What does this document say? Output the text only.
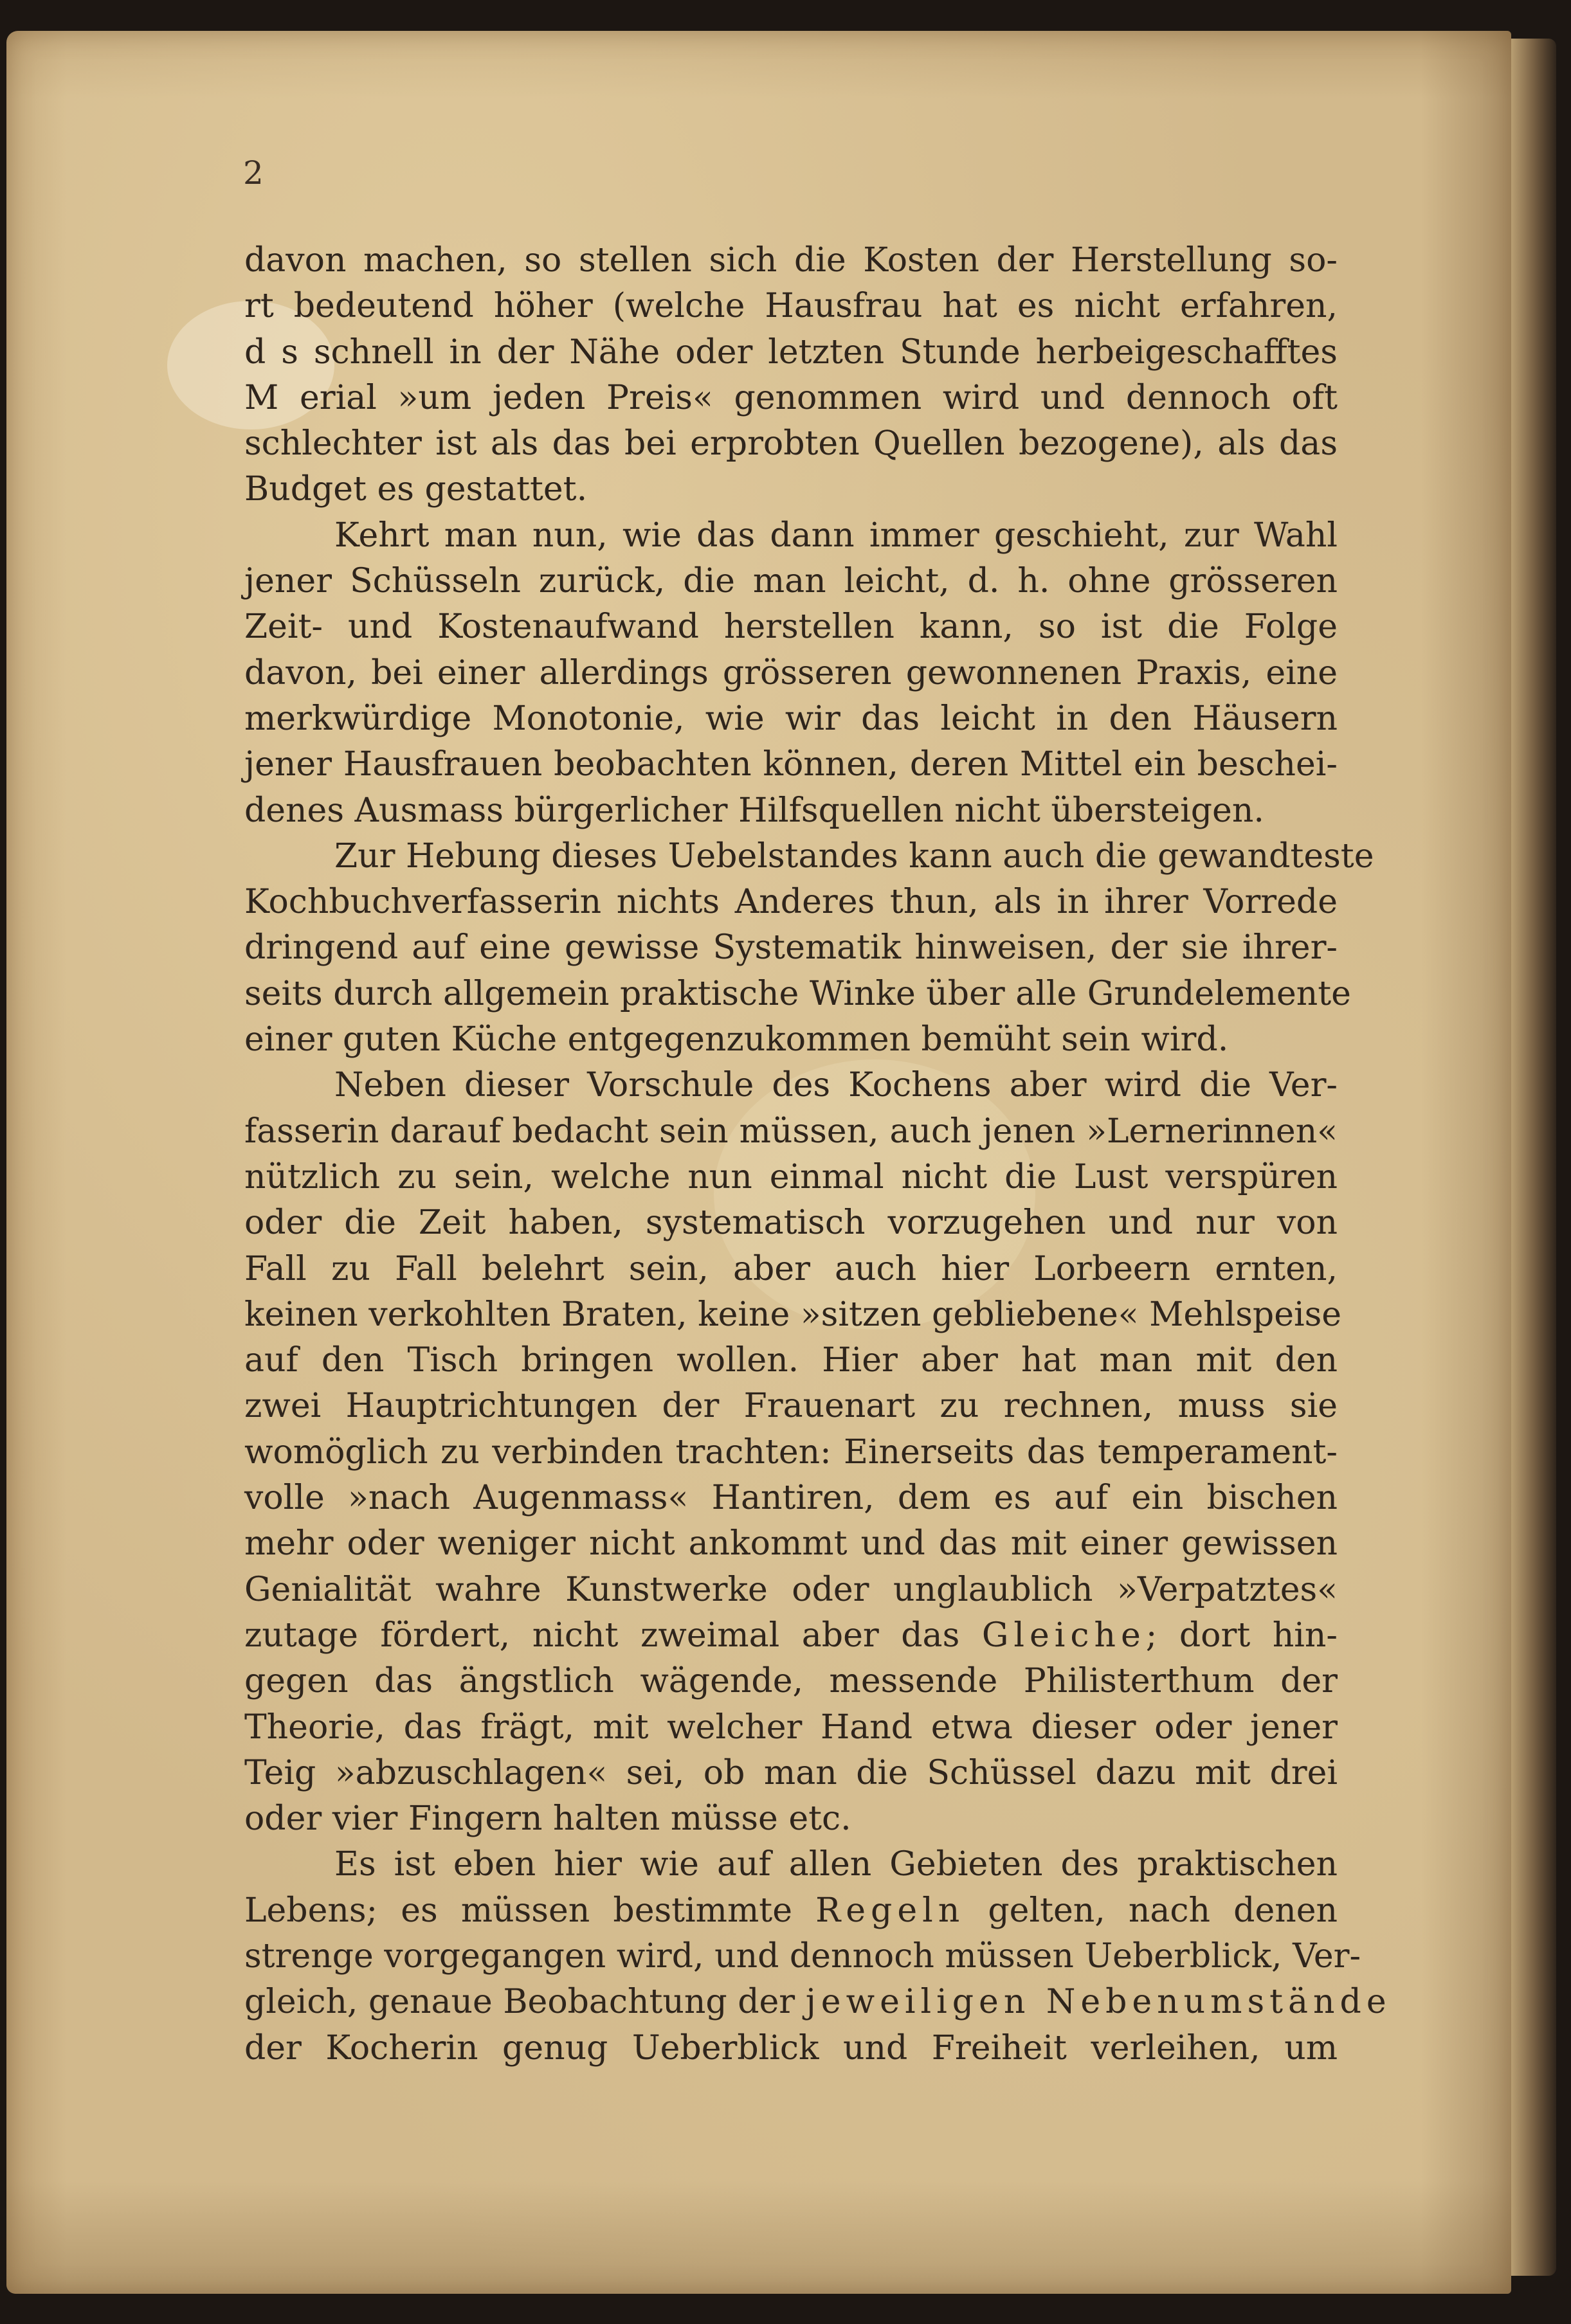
2

davon machen, so stellen sich die Kosten der Herstellung so-
rt bedeutend höher (welche Hausfrau hat es nicht erfahren,
d s schnell in der Nähe oder letzten Stunde herbeigeschafftes
M erial »um jeden Preis« genommen wird und dennoch oft
schlechter ist als das bei erprobten Quellen bezogene), als das
Budget es gestattet.
Kehrt man nun, wie das dann immer geschieht, zur Wahl
jener Schüsseln zurück, die man leicht, d. h. ohne grösseren
Zeit- und Kostenaufwand herstellen kann, so ist die Folge
davon, bei einer allerdings grösseren gewonnenen Praxis, eine
merkwürdige Monotonie, wie wir das leicht in den Häusern
jener Hausfrauen beobachten können, deren Mittel ein beschei-
denes Ausmass bürgerlicher Hilfsquellen nicht übersteigen.
Zur Hebung dieses Uebelstandes kann auch die gewandteste
Kochbuchverfasserin nichts Anderes thun, als in ihrer Vorrede
dringend auf eine gewisse Systematik hinweisen, der sie ihrer-
seits durch allgemein praktische Winke über alle Grundelemente
einer guten Küche entgegenzukommen bemüht sein wird.
Neben dieser Vorschule des Kochens aber wird die Ver-
fasserin darauf bedacht sein müssen, auch jenen »Lernerinnen«
nützlich zu sein, welche nun einmal nicht die Lust verspüren
oder die Zeit haben, systematisch vorzugehen und nur von
Fall zu Fall belehrt sein, aber auch hier Lorbeern ernten,
keinen verkohlten Braten, keine »sitzen gebliebene« Mehlspeise
auf den Tisch bringen wollen. Hier aber hat man mit den
zwei Hauptrichtungen der Frauenart zu rechnen, muss sie
womöglich zu verbinden trachten: Einerseits das temperament-
volle »nach Augenmass« Hantiren, dem es auf ein bischen
mehr oder weniger nicht ankommt und das mit einer gewissen
Genialität wahre Kunstwerke oder unglaublich »Verpatztes«
zutage fördert, nicht zweimal aber das Gleiche; dort hin-
gegen das ängstlich wägende, messende Philisterthum der
Theorie, das frägt, mit welcher Hand etwa dieser oder jener
Teig »abzuschlagen« sei, ob man die Schüssel dazu mit drei
oder vier Fingern halten müsse etc.
Es ist eben hier wie auf allen Gebieten des praktischen
Lebens; es müssen bestimmte Regeln gelten, nach denen
strenge vorgegangen wird, und dennoch müssen Ueberblick, Ver-
gleich, genaue Beobachtung der jeweiligen Nebenumstände
der Kocherin genug Ueberblick und Freiheit verleihen, um
